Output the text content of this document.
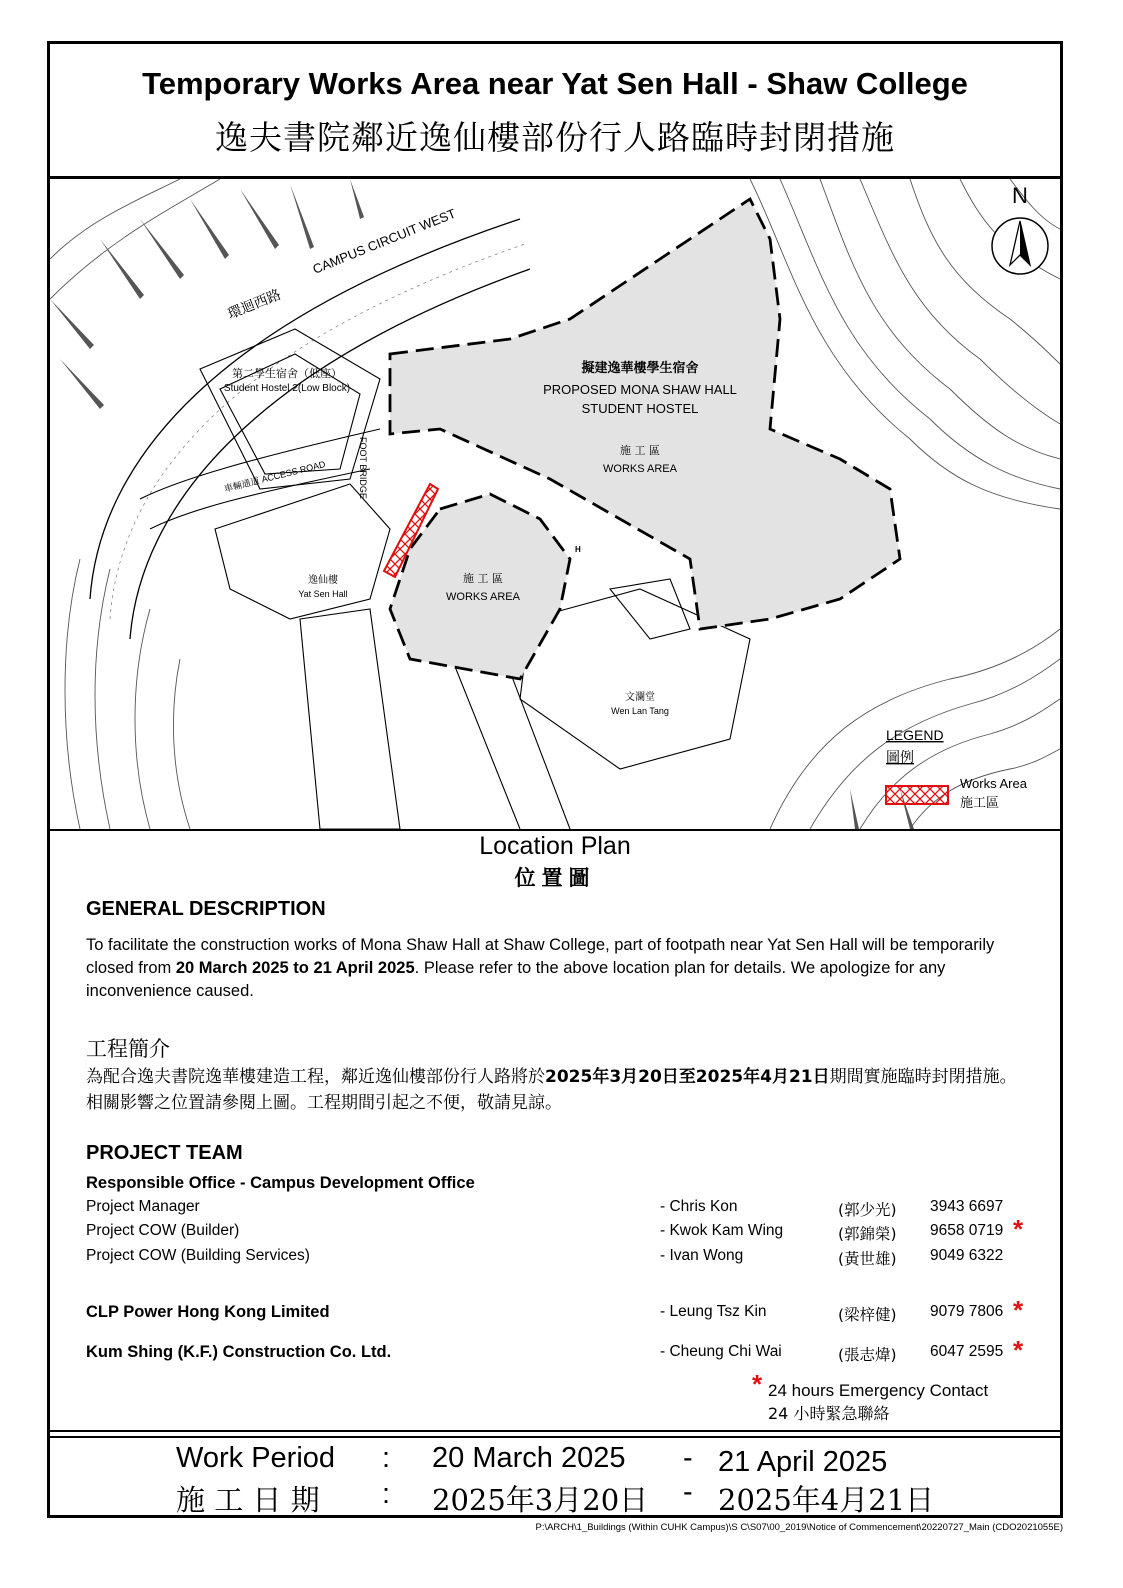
Temporary Works Area near Yat Sen Hall - Shaw College
逸夫書院鄰近逸仙樓部份行人路臨時封閉措施
CAMPUS CIRCUIT WEST
環迴西路
第二學生宿舍（低座）
Student Hostel 2(Low Block)
擬建逸華樓學生宿舍
PROPOSED MONA SHAW HALL
STUDENT HOSTEL
施 工 區
WORKS AREA
施 工 區
WORKS AREA
車輛通道 ACCESS ROAD	FOOT BRIDGE
逸仙樓
Yat Sen Hall
文瀾堂
Wen Lan Tang
H
N
LEGEND
圖例
Works Area
施工區
Location Plan
位置圖
GENERAL DESCRIPTION
To facilitate the construction works of Mona Shaw Hall at Shaw College, part of footpath near Yat Sen Hall will be temporarily closed from 20 March 2025 to 21 April 2025. Please refer to the above location plan for details. We apologize for any inconvenience caused.
工程簡介
為配合逸夫書院逸華樓建造工程，鄰近逸仙樓部份行人路將於2025年3月20日至2025年4月21日期間實施臨時封閉措施。相關影響之位置請參閱上圖。工程期間引起之不便，敬請見諒。
PROJECT TEAM
Responsible Office - Campus Development Office
Project Manager	- Chris Kon	(郭少光) 3943 6697
Project COW (Builder)	- Kwok Kam Wing	(郭錦榮) 9658 0719 *
Project COW (Building Services)	- Ivan Wong	(黃世雄) 9049 6322
CLP Power Hong Kong Limited	- Leung Tsz Kin	(梁梓健) 9079 7806 *
Kum Shing (K.F.) Construction Co. Ltd.	- Cheung Chi Wai	(張志煒) 6047 2595 *
* 24 hours Emergency Contact
24 小時緊急聯絡
Work Period : 20 March 2025 - 21 April 2025
施 工 日 期 : 2025年3月20日 - 2025年4月21日
P:\ARCH\1_Buildings (Within CUHK Campus)\S C\S07\00_2019\Notice of Commencement\20220727_Main (CDO2021055E)
